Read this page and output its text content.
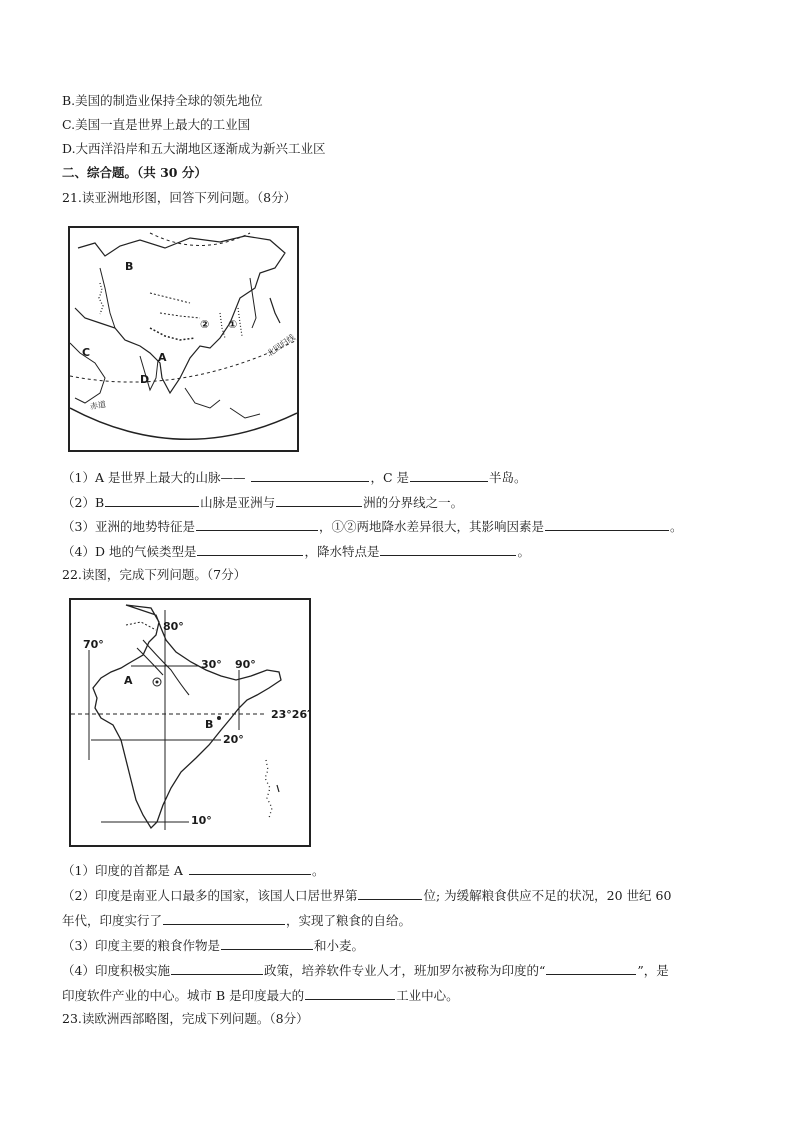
B.美国的制造业保持全球的领先地位
C.美国一直是世界上最大的工业国
D.大西洋沿岸和五大湖地区逐渐成为新兴工业区
二、综合题。（共 30 分）
21.读亚洲地形图，回答下列问题。（8分）
B
C	A
D
② ①
北回归线
赤道
（1）A 是世界上最大的山脉——	，C 是	半岛。
（2）B	山脉是亚洲与	洲的分界线之一。
（3）亚洲的地势特征是	，①②两地降水差异很大，其影响因素是	。
（4）D 地的气候类型是	，降水特点是	。
22.读图，完成下列问题。（7分）
80°
70°
30° 90°
A
23°26′
B
20°
10°
（1）印度的首都是 A	。
（2）印度是南亚人口最多的国家，该国人口居世界第	位; 为缓解粮食供应不足的状况，20 世纪 60
年代，印度实行了	，实现了粮食的自给。
（3）印度主要的粮食作物是	和小麦。
（4）印度积极实施	政策，培养软件专业人才，班加罗尔被称为印度的“	”，是
印度软件产业的中心。城市 B 是印度最大的	工业中心。
23.读欧洲西部略图，完成下列问题。（8分）
